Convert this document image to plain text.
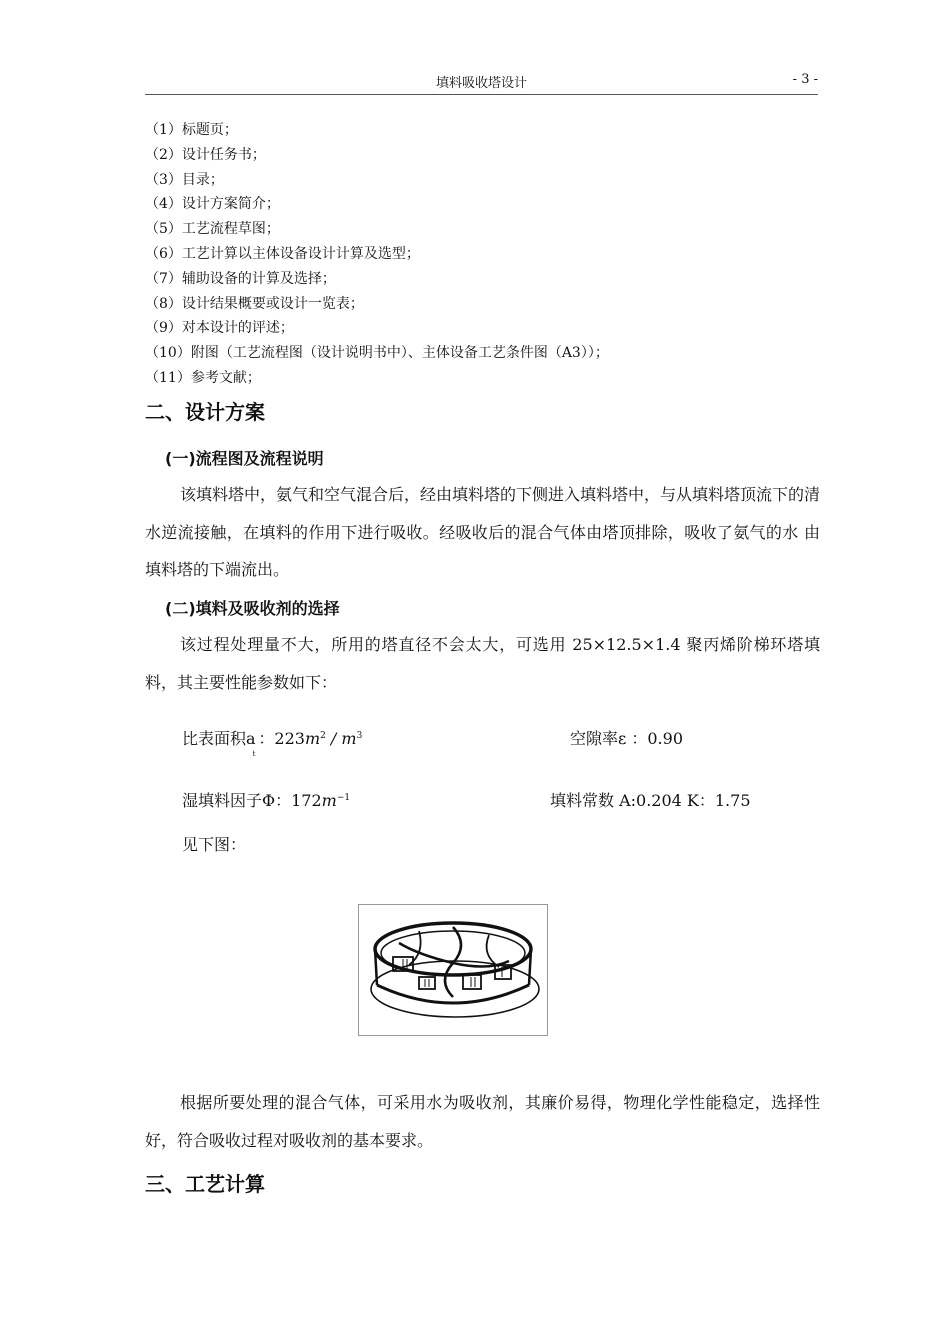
填料吸收塔设计	- 3 -
（1）标题页；
（2）设计任务书；
（3）目录；
（4）设计方案简介；
（5）工艺流程草图；
（6）工艺计算以主体设备设计计算及选型；
（7）辅助设备的计算及选择；
（8）设计结果概要或设计一览表；
（9）对本设计的评述；
（10）附图（工艺流程图（设计说明书中）、主体设备工艺条件图（A3））；
（11）参考文献；
二、设计方案
(一)流程图及流程说明
该填料塔中，氨气和空气混合后，经由填料塔的下侧进入填料塔中，与从填料塔顶流下的清水逆流接触，在填料的作用下进行吸收。经吸收后的混合气体由塔顶排除，吸收了氨气的水 由填料塔的下端流出。
(二)填料及吸收剂的选择
该过程处理量不大，所用的塔直径不会太大，可选用 25×12.5×1.4 聚丙烯阶梯环塔填料，其主要性能参数如下：
比表面积$a_t$：$223m^2 / m^3$	空隙率ε ：0.90
湿填料因子Φ：$172m^{-1}$	填料常数 A:0.204 K：1.75
见下图：
根据所要处理的混合气体，可采用水为吸收剂，其廉价易得，物理化学性能稳定，选择性好，符合吸收过程对吸收剂的基本要求。
三、工艺计算
